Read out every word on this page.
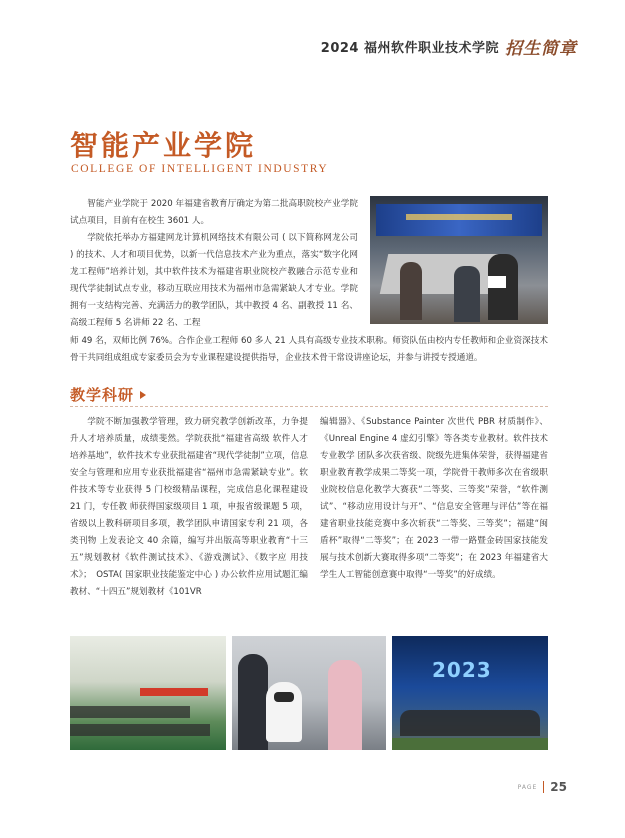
2024 福州软件职业技术学院 招生简章
智能产业学院
COLLEGE OF INTELLIGENT INDUSTRY

智能产业学院于 2020 年福建省教育厅确定为第二批高职院校产业学院试点项目，目前有在校生 3601 人。

学院依托举办方福建网龙计算机网络技术有限公司 ( 以下简称网龙公司 ) 的技术、人才和项目优势，以新一代信息技术产业为重点，落实“数字化网龙工程师”培养计划，其中软件技术为福建省职业院校产教融合示范专业和现代学徒制试点专业，移动互联应用技术为福州市急需紧缺人才专业。学院拥有一支结构完善、充满活力的教学团队，其中教授 4 名、副教授 11 名、高级工程师 5 名讲师 22 名、工程

师 49 名，双师比例 76%。合作企业工程师 60 多人 21 人具有高级专业技术职称。师资队伍由校内专任教师和企业资深技术骨干共同组成组成专家委员会为专业课程建设提供指导，企业技术骨干常设讲座论坛，并参与讲授专授通道。
教学科研

学院不断加强教学管理，致力研究教学创新改革，力争提升人才培养质量，成绩斐然。学院获批“福建省高级 软件人才培养基地”，软件技术专业获批福建省“现代学徒制”立项，信息安全与管理和应用专业获批福建省“福州市急需紧缺专业”。软件技术等专业获得 5 门校级精品课程，完成信息化课程建设 21 门，专任教 师获得国家级项目 1 项，申报省级课题 5 项，省级以上教科研项目多项，教学团队申请国家专利 21 项，各类刊物 上发表论文 40 余篇，编写并出版高等职业教育“十三五”规划教材《软件测试技术》、《游戏测试》、《数字应 用技术》；　OSTA( 国家职业技能鉴定中心 ) 办公软件应用试题汇编教材、“十四五”规划教材《101VR

编辑器》、《Substance Painter 次世代 PBR 材质制作》、《Unreal Engine 4 虚幻引擎》等各类专业教材。软件技术专业教学 团队多次获省级、院级先进集体荣誉，获得福建省职业教育教学成果二等奖一项，学院骨干教师多次在省级职业院校信息化教学大赛获“二等奖、三等奖”荣誉，“软件测试”、“移动应用设计与开”、“信息安全管理与评估”等在福建省职业技能竞赛中多次斩获“二等奖、三等奖”；福建“闽盾杯”取得“二等奖”；在 2023 一带一路暨金砖国家技能发展与技术创新大赛取得多项“二等奖”；在 2023 年福建省大学生人工智能创意赛中取得“一等奖”的好成绩。
2023
PAGE 25
